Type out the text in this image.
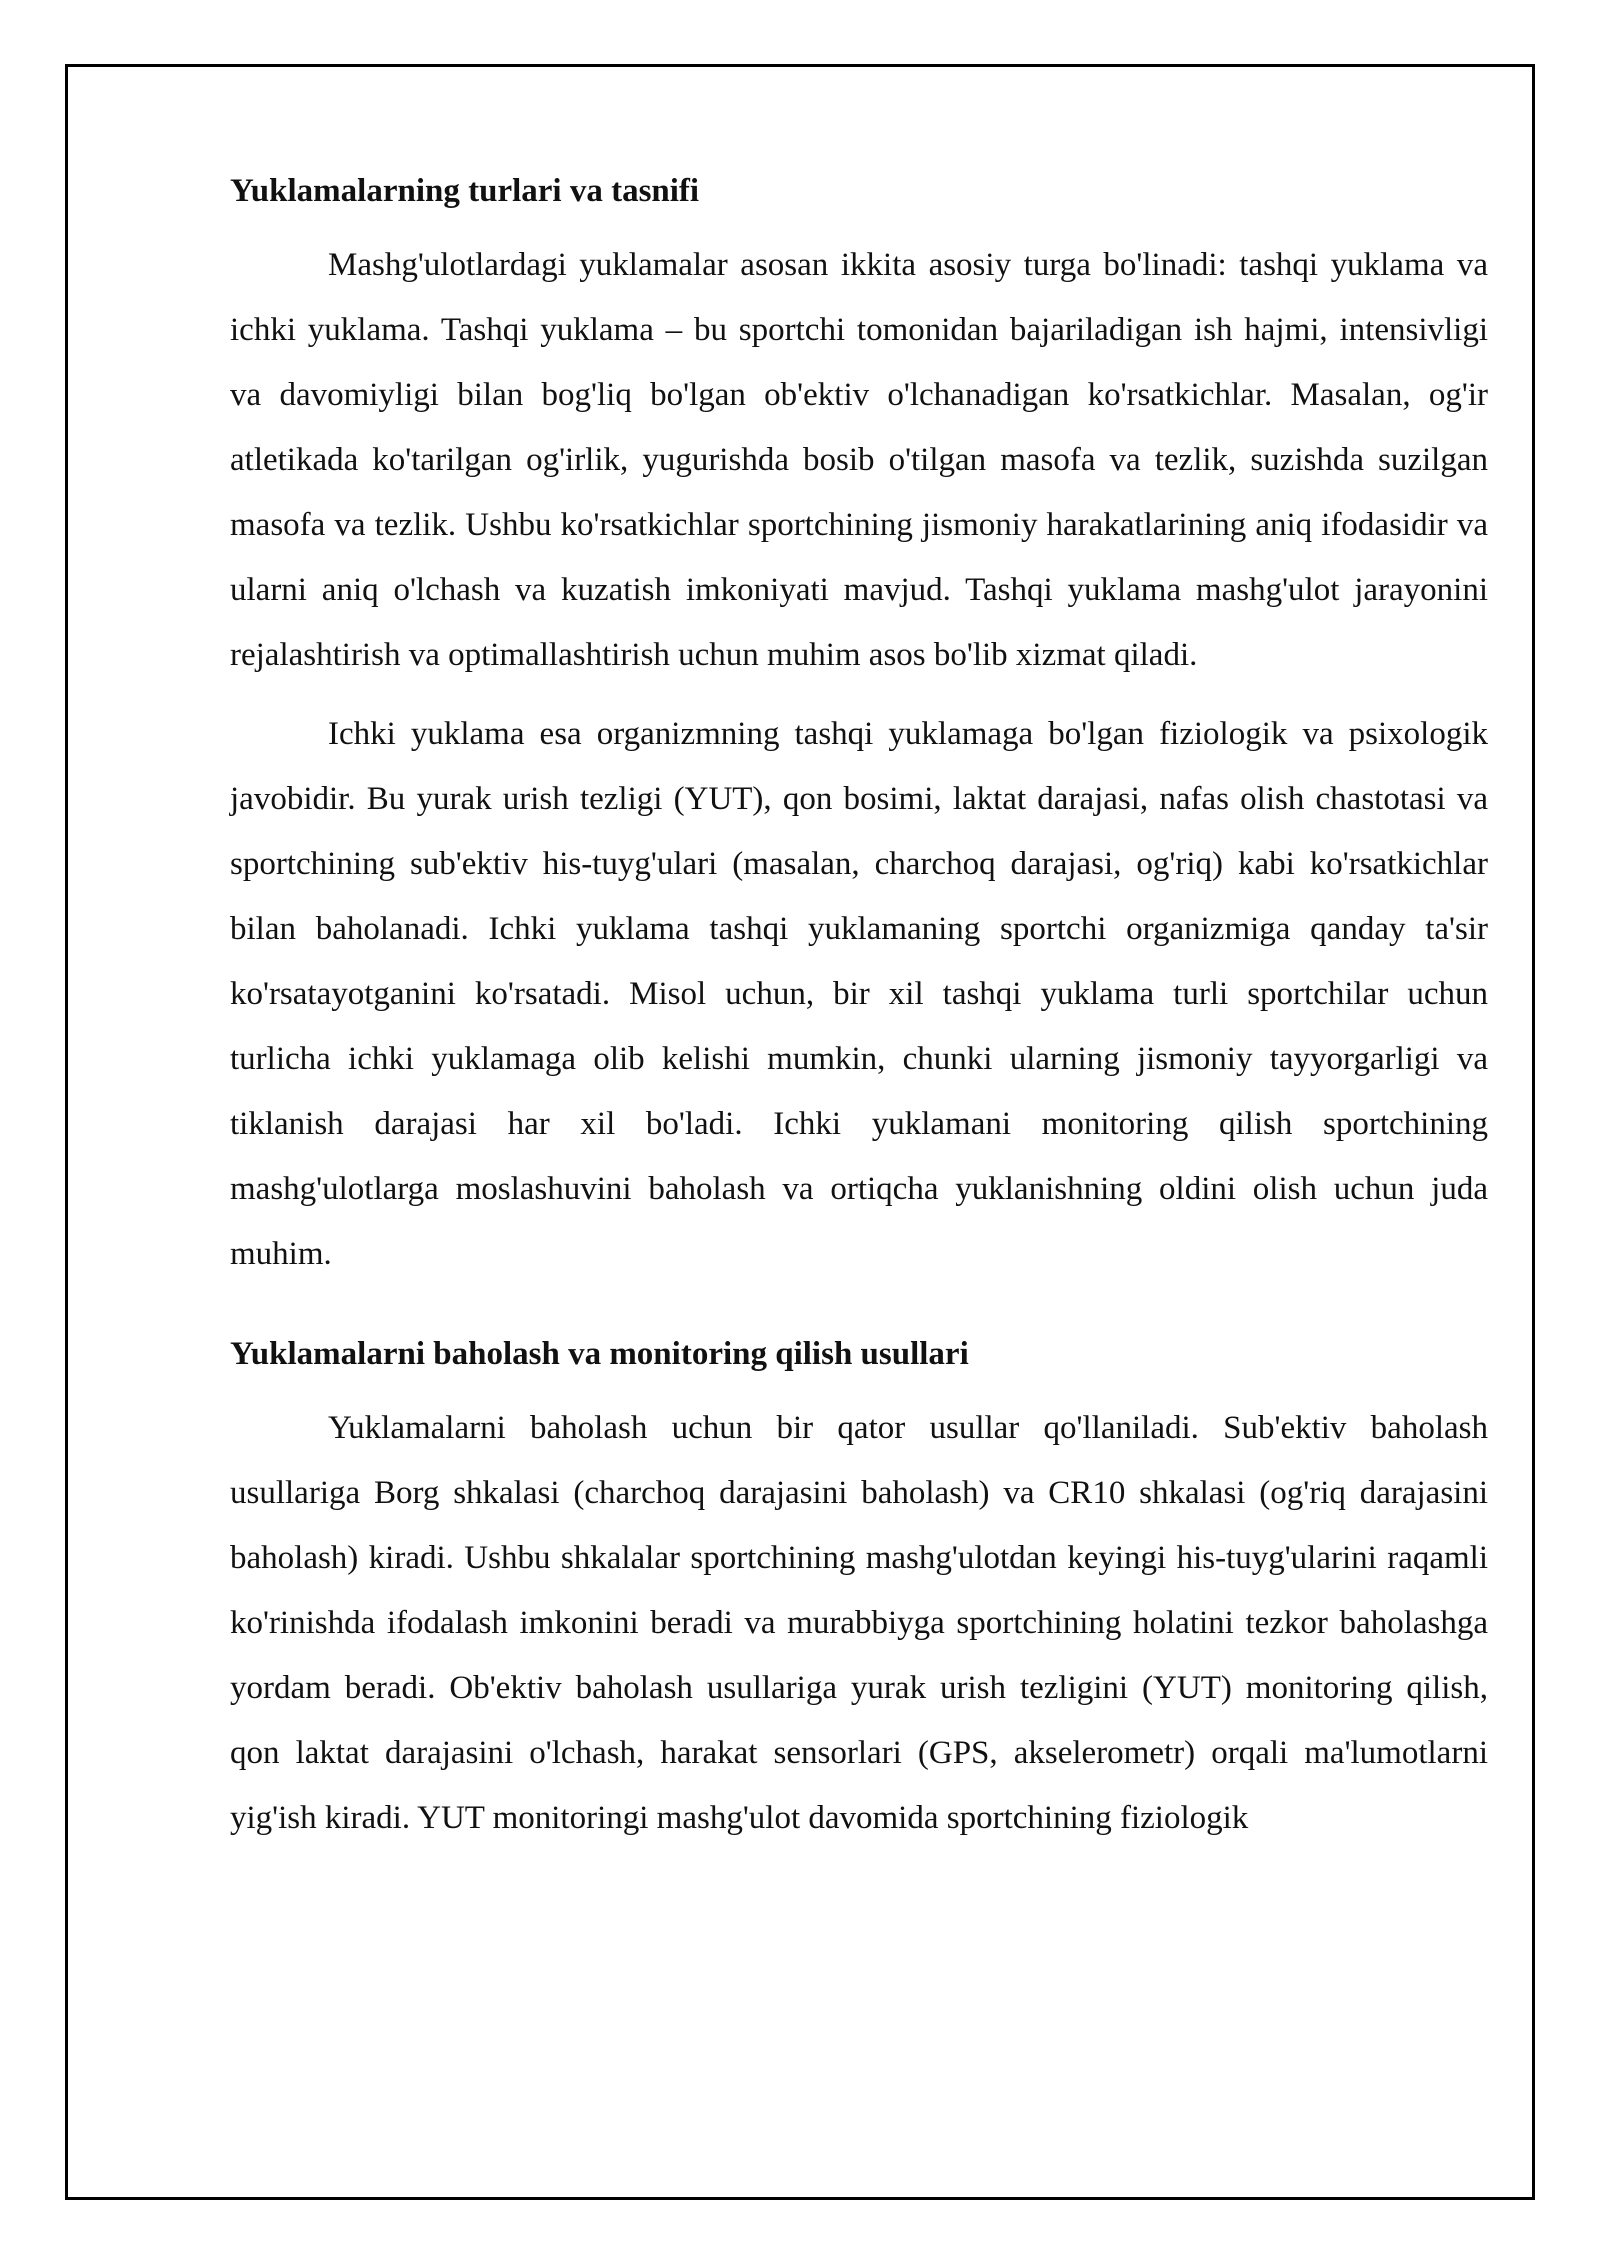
Yuklamalarning turlari va tasnifi

Mashg'ulotlardagi yuklamalar asosan ikkita asosiy turga bo'linadi: tashqi yuklama va ichki yuklama. Tashqi yuklama – bu sportchi tomonidan bajariladigan ish hajmi, intensivligi va davomiyligi bilan bog'liq bo'lgan ob'ektiv o'lchanadigan ko'rsatkichlar. Masalan, og'ir atletikada ko'tarilgan og'irlik, yugurishda bosib o'tilgan masofa va tezlik, suzishda suzilgan masofa va tezlik. Ushbu ko'rsatkichlar sportchining jismoniy harakatlarining aniq ifodasidir va ularni aniq o'lchash va kuzatish imkoniyati mavjud. Tashqi yuklama mashg'ulot jarayonini rejalashtirish va optimallashtirish uchun muhim asos bo'lib xizmat qiladi.

Ichki yuklama esa organizmning tashqi yuklamaga bo'lgan fiziologik va psixologik javobidir. Bu yurak urish tezligi (YUT), qon bosimi, laktat darajasi, nafas olish chastotasi va sportchining sub'ektiv his-tuyg'ulari (masalan, charchoq darajasi, og'riq) kabi ko'rsatkichlar bilan baholanadi. Ichki yuklama tashqi yuklamaning sportchi organizmiga qanday ta'sir ko'rsatayotganini ko'rsatadi. Misol uchun, bir xil tashqi yuklama turli sportchilar uchun turlicha ichki yuklamaga olib kelishi mumkin, chunki ularning jismoniy tayyorgarligi va tiklanish darajasi har xil bo'ladi. Ichki yuklamani monitoring qilish sportchining mashg'ulotlarga moslashuvini baholash va ortiqcha yuklanishning oldini olish uchun juda muhim.

Yuklamalarni baholash va monitoring qilish usullari

Yuklamalarni baholash uchun bir qator usullar qo'llaniladi. Sub'ektiv baholash usullariga Borg shkalasi (charchoq darajasini baholash) va CR10 shkalasi (og'riq darajasini baholash) kiradi. Ushbu shkalalar sportchining mashg'ulotdan keyingi his-tuyg'ularini raqamli ko'rinishda ifodalash imkonini beradi va murabbiyga sportchining holatini tezkor baholashga yordam beradi. Ob'ektiv baholash usullariga yurak urish tezligini (YUT) monitoring qilish, qon laktat darajasini o'lchash, harakat sensorlari (GPS, akselerometr) orqali ma'lumotlarni yig'ish kiradi. YUT monitoringi mashg'ulot davomida sportchining fiziologik
